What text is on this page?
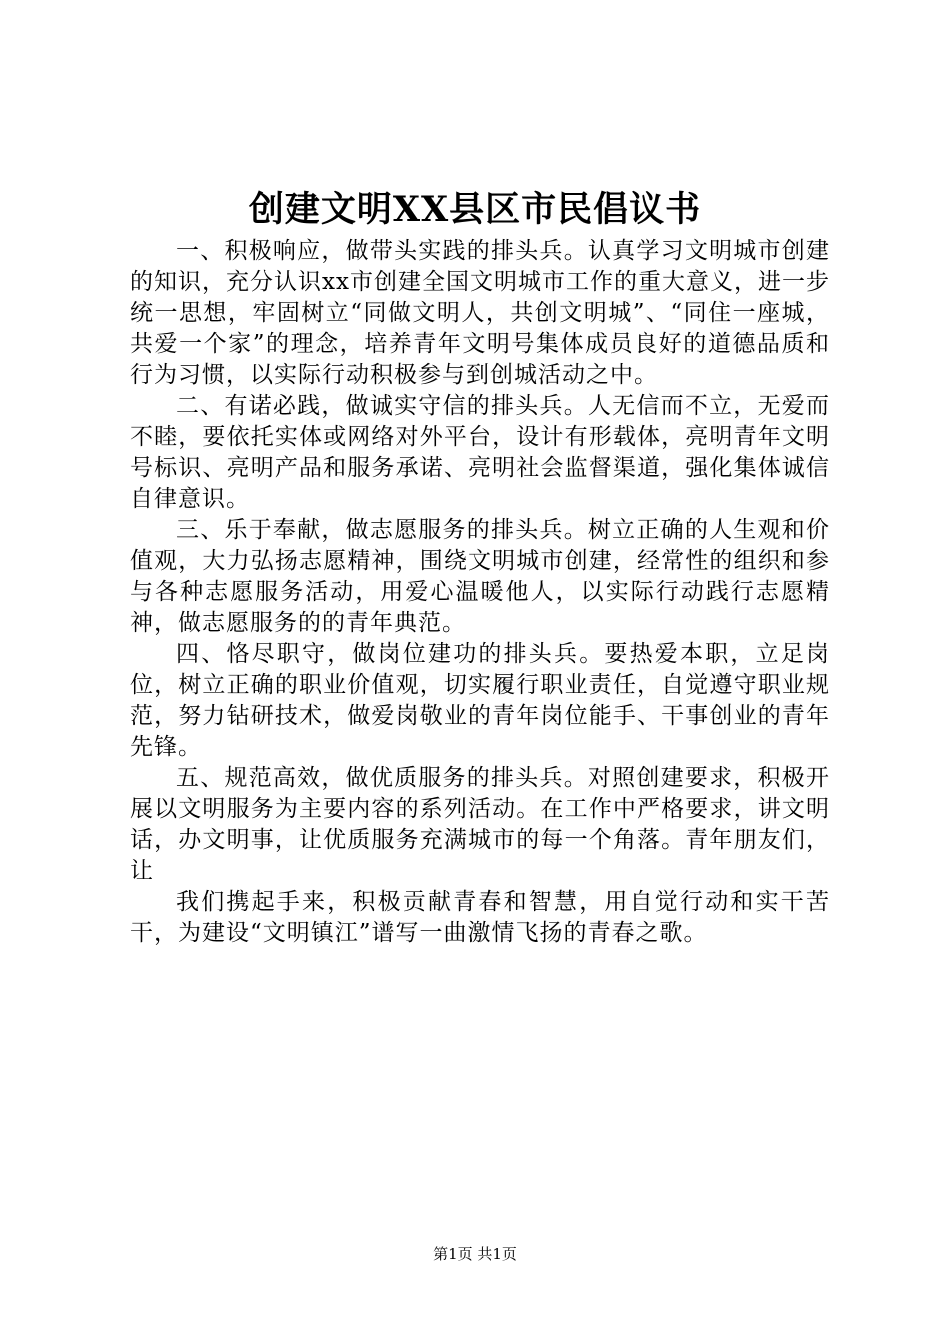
创建文明XX县区市民倡议书

一、积极响应，做带头实践的排头兵。认真学习文明城市创建的知识，充分认识xx市创建全国文明城市工作的重大意义，进一步统一思想，牢固树立“同做文明人，共创文明城”、“同住一座城，共爱一个家”的理念，培养青年文明号集体成员良好的道德品质和行为习惯，以实际行动积极参与到创城活动之中。

二、有诺必践，做诚实守信的排头兵。人无信而不立，无爱而不睦，要依托实体或网络对外平台，设计有形载体，亮明青年文明号标识、亮明产品和服务承诺、亮明社会监督渠道，强化集体诚信自律意识。

三、乐于奉献，做志愿服务的排头兵。树立正确的人生观和价值观，大力弘扬志愿精神，围绕文明城市创建，经常性的组织和参与各种志愿服务活动，用爱心温暖他人，以实际行动践行志愿精神，做志愿服务的的青年典范。

四、恪尽职守，做岗位建功的排头兵。要热爱本职，立足岗位，树立正确的职业价值观，切实履行职业责任，自觉遵守职业规范，努力钻研技术，做爱岗敬业的青年岗位能手、干事创业的青年先锋。

五、规范高效，做优质服务的排头兵。对照创建要求，积极开展以文明服务为主要内容的系列活动。在工作中严格要求，讲文明话，办文明事，让优质服务充满城市的每一个角落。青年朋友们，让

我们携起手来，积极贡献青春和智慧，用自觉行动和实干苦干，为建设“文明镇江”谱写一曲激情飞扬的青春之歌。

第1页 共1页
